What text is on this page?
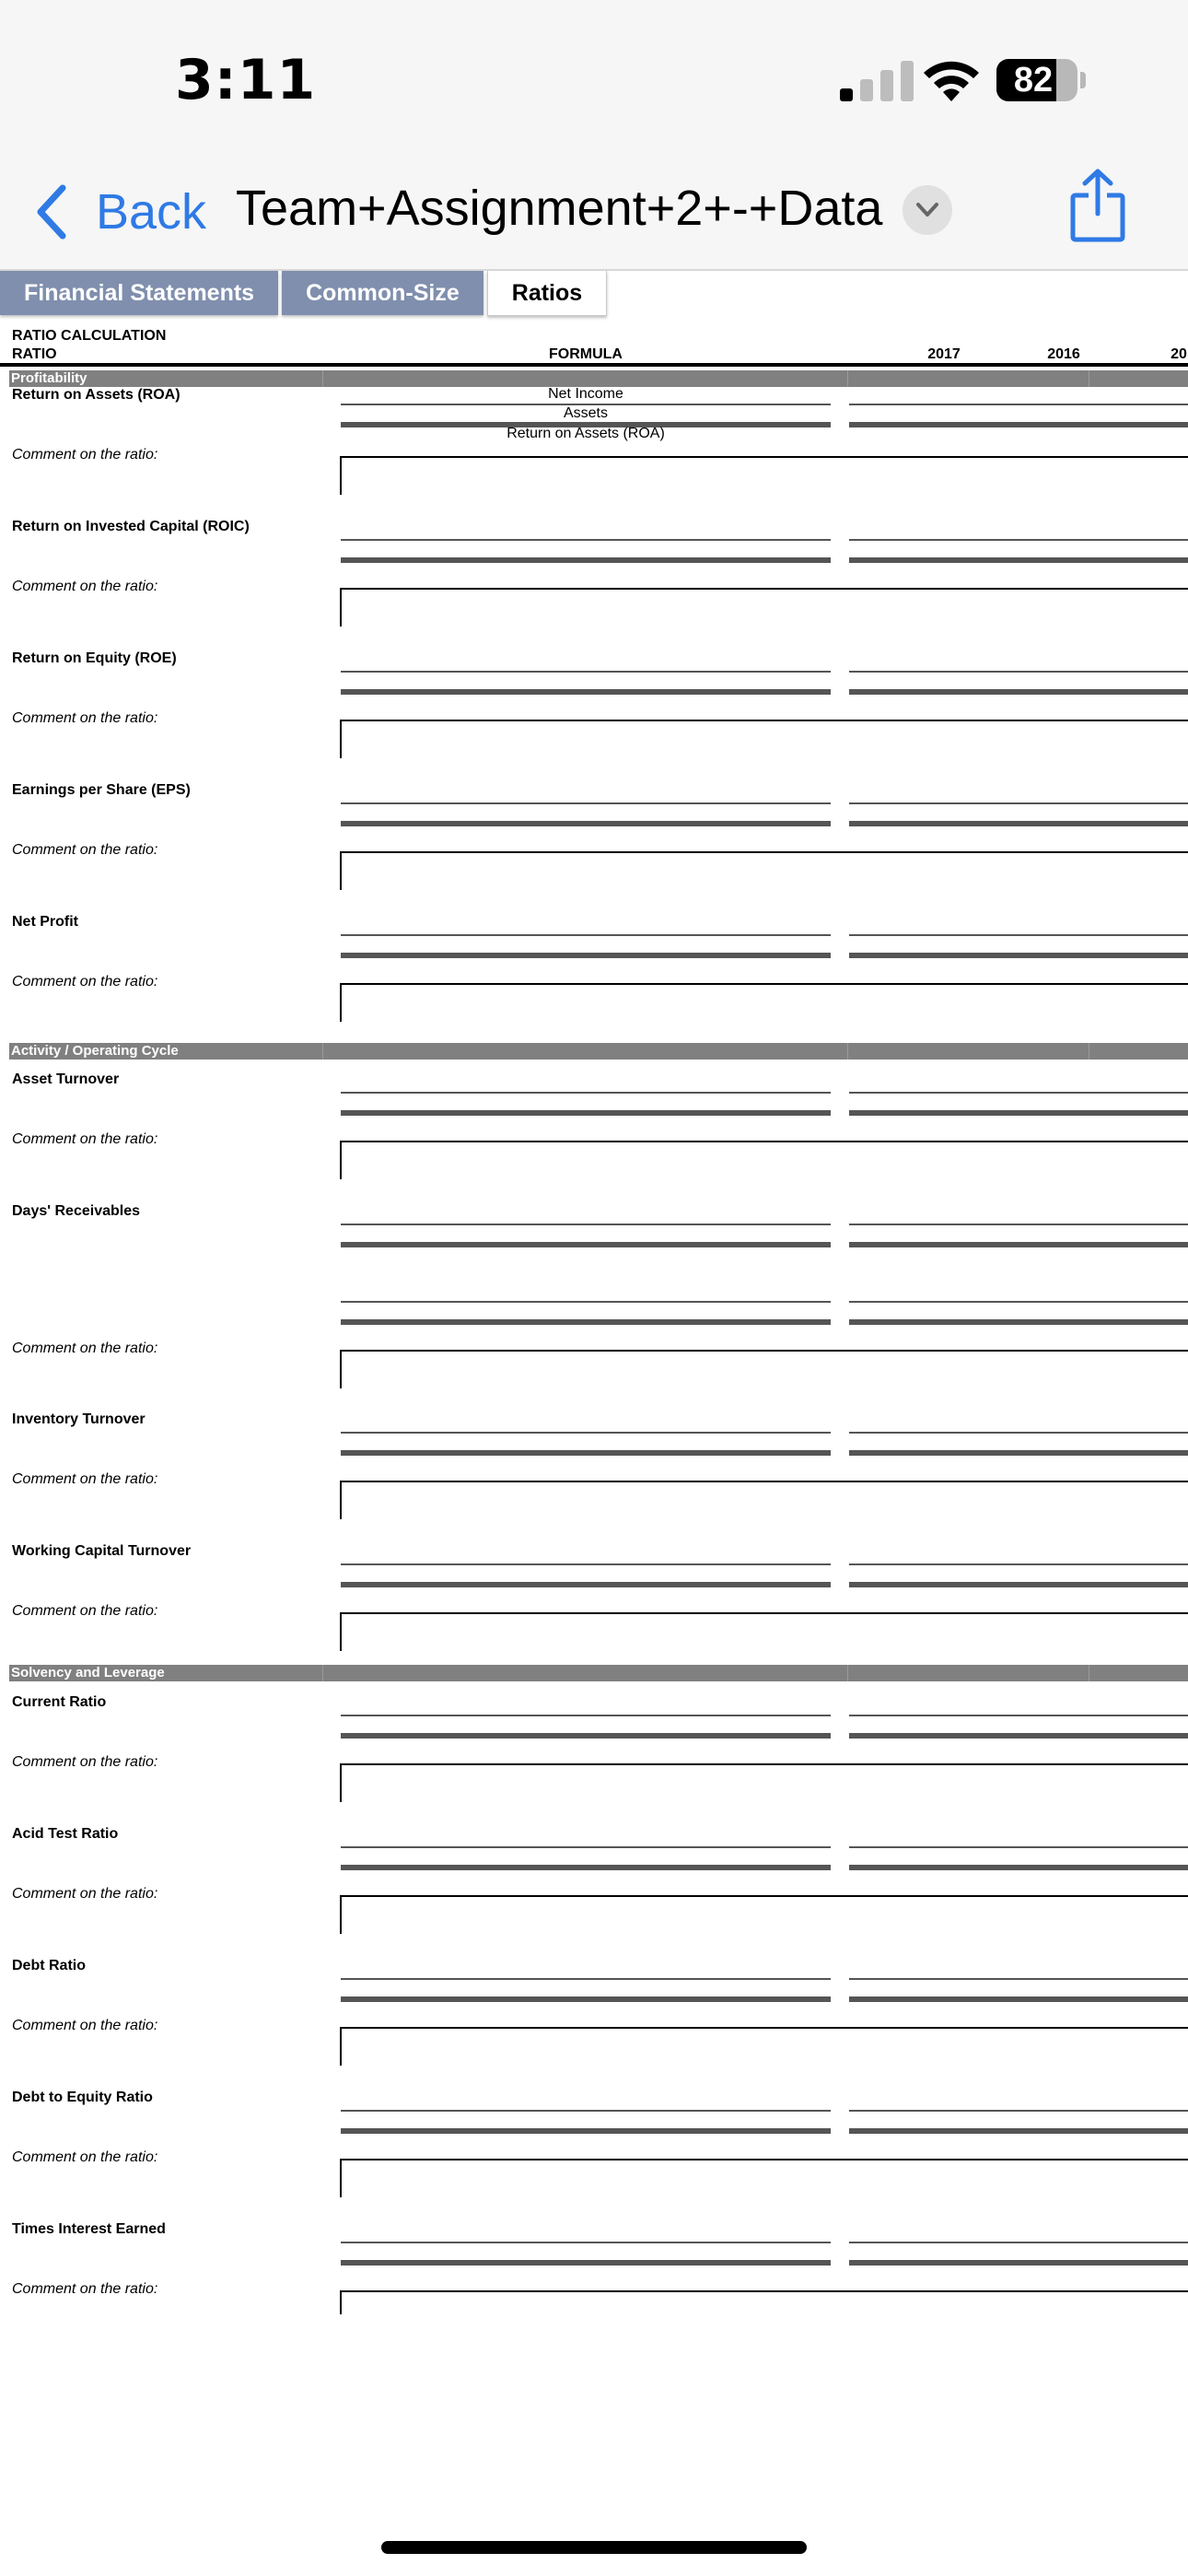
3:11	82
Back Team+Assignment+2+-+Data
Financial Statements	Common-Size	Ratios
RATIO CALCULATION
RATIO	FORMULA	2017	2016	20
Profitability
Return on Assets (ROA)	Net Income
Assets
Return on Assets (ROA)
Comment on the ratio:
Return on Invested Capital (ROIC)
Comment on the ratio:
Return on Equity (ROE)
Comment on the ratio:
Earnings per Share (EPS)
Comment on the ratio:
Net Profit
Comment on the ratio:
Activity / Operating Cycle
Asset Turnover
Comment on the ratio:
Days' Receivables
Comment on the ratio:
Inventory Turnover
Comment on the ratio:
Working Capital Turnover
Comment on the ratio:
Solvency and Leverage
Current Ratio
Comment on the ratio:
Acid Test Ratio
Comment on the ratio:
Debt Ratio
Comment on the ratio:
Debt to Equity Ratio
Comment on the ratio:
Times Interest Earned
Comment on the ratio:
